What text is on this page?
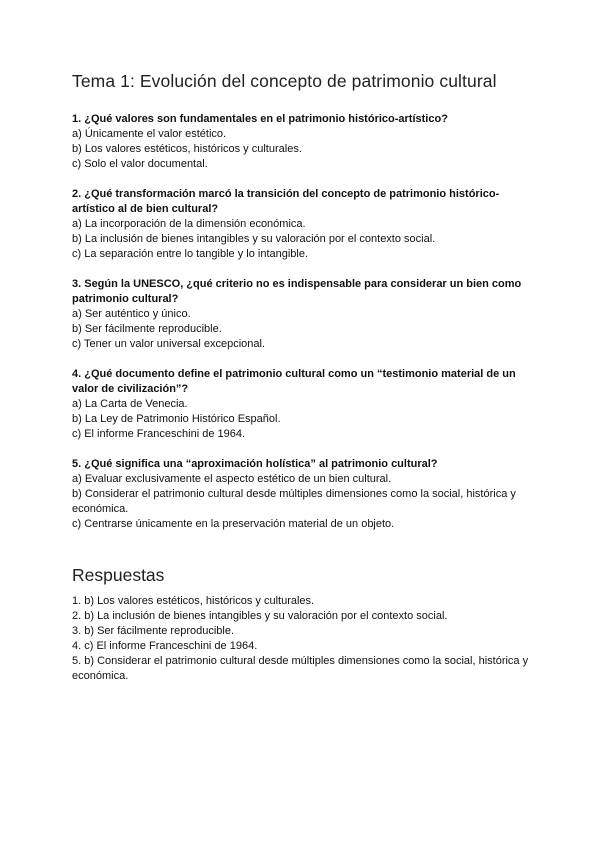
Tema 1: Evolución del concepto de patrimonio cultural

1. ¿Qué valores son fundamentales en el patrimonio histórico-artístico?

a) Únicamente el valor estético.

b) Los valores estéticos, históricos y culturales.

c) Solo el valor documental.

2. ¿Qué transformación marcó la transición del concepto de patrimonio histórico-artístico al de bien cultural?

a) La incorporación de la dimensión económica.

b) La inclusión de bienes intangibles y su valoración por el contexto social.

c) La separación entre lo tangible y lo intangible.

3. Según la UNESCO, ¿qué criterio no es indispensable para considerar un bien como patrimonio cultural?

a) Ser auténtico y único.

b) Ser fácilmente reproducible.

c) Tener un valor universal excepcional.

4. ¿Qué documento define el patrimonio cultural como un “testimonio material de un valor de civilización”?

a) La Carta de Venecia.

b) La Ley de Patrimonio Histórico Español.

c) El informe Franceschini de 1964.

5. ¿Qué significa una “aproximación holística” al patrimonio cultural?

a) Evaluar exclusivamente el aspecto estético de un bien cultural.

b) Considerar el patrimonio cultural desde múltiples dimensiones como la social, histórica y económica.

c) Centrarse únicamente en la preservación material de un objeto.

Respuestas

1. b) Los valores estéticos, históricos y culturales.

2. b) La inclusión de bienes intangibles y su valoración por el contexto social.

3. b) Ser fácilmente reproducible.

4. c) El informe Franceschini de 1964.

5. b) Considerar el patrimonio cultural desde múltiples dimensiones como la social, histórica y económica.
